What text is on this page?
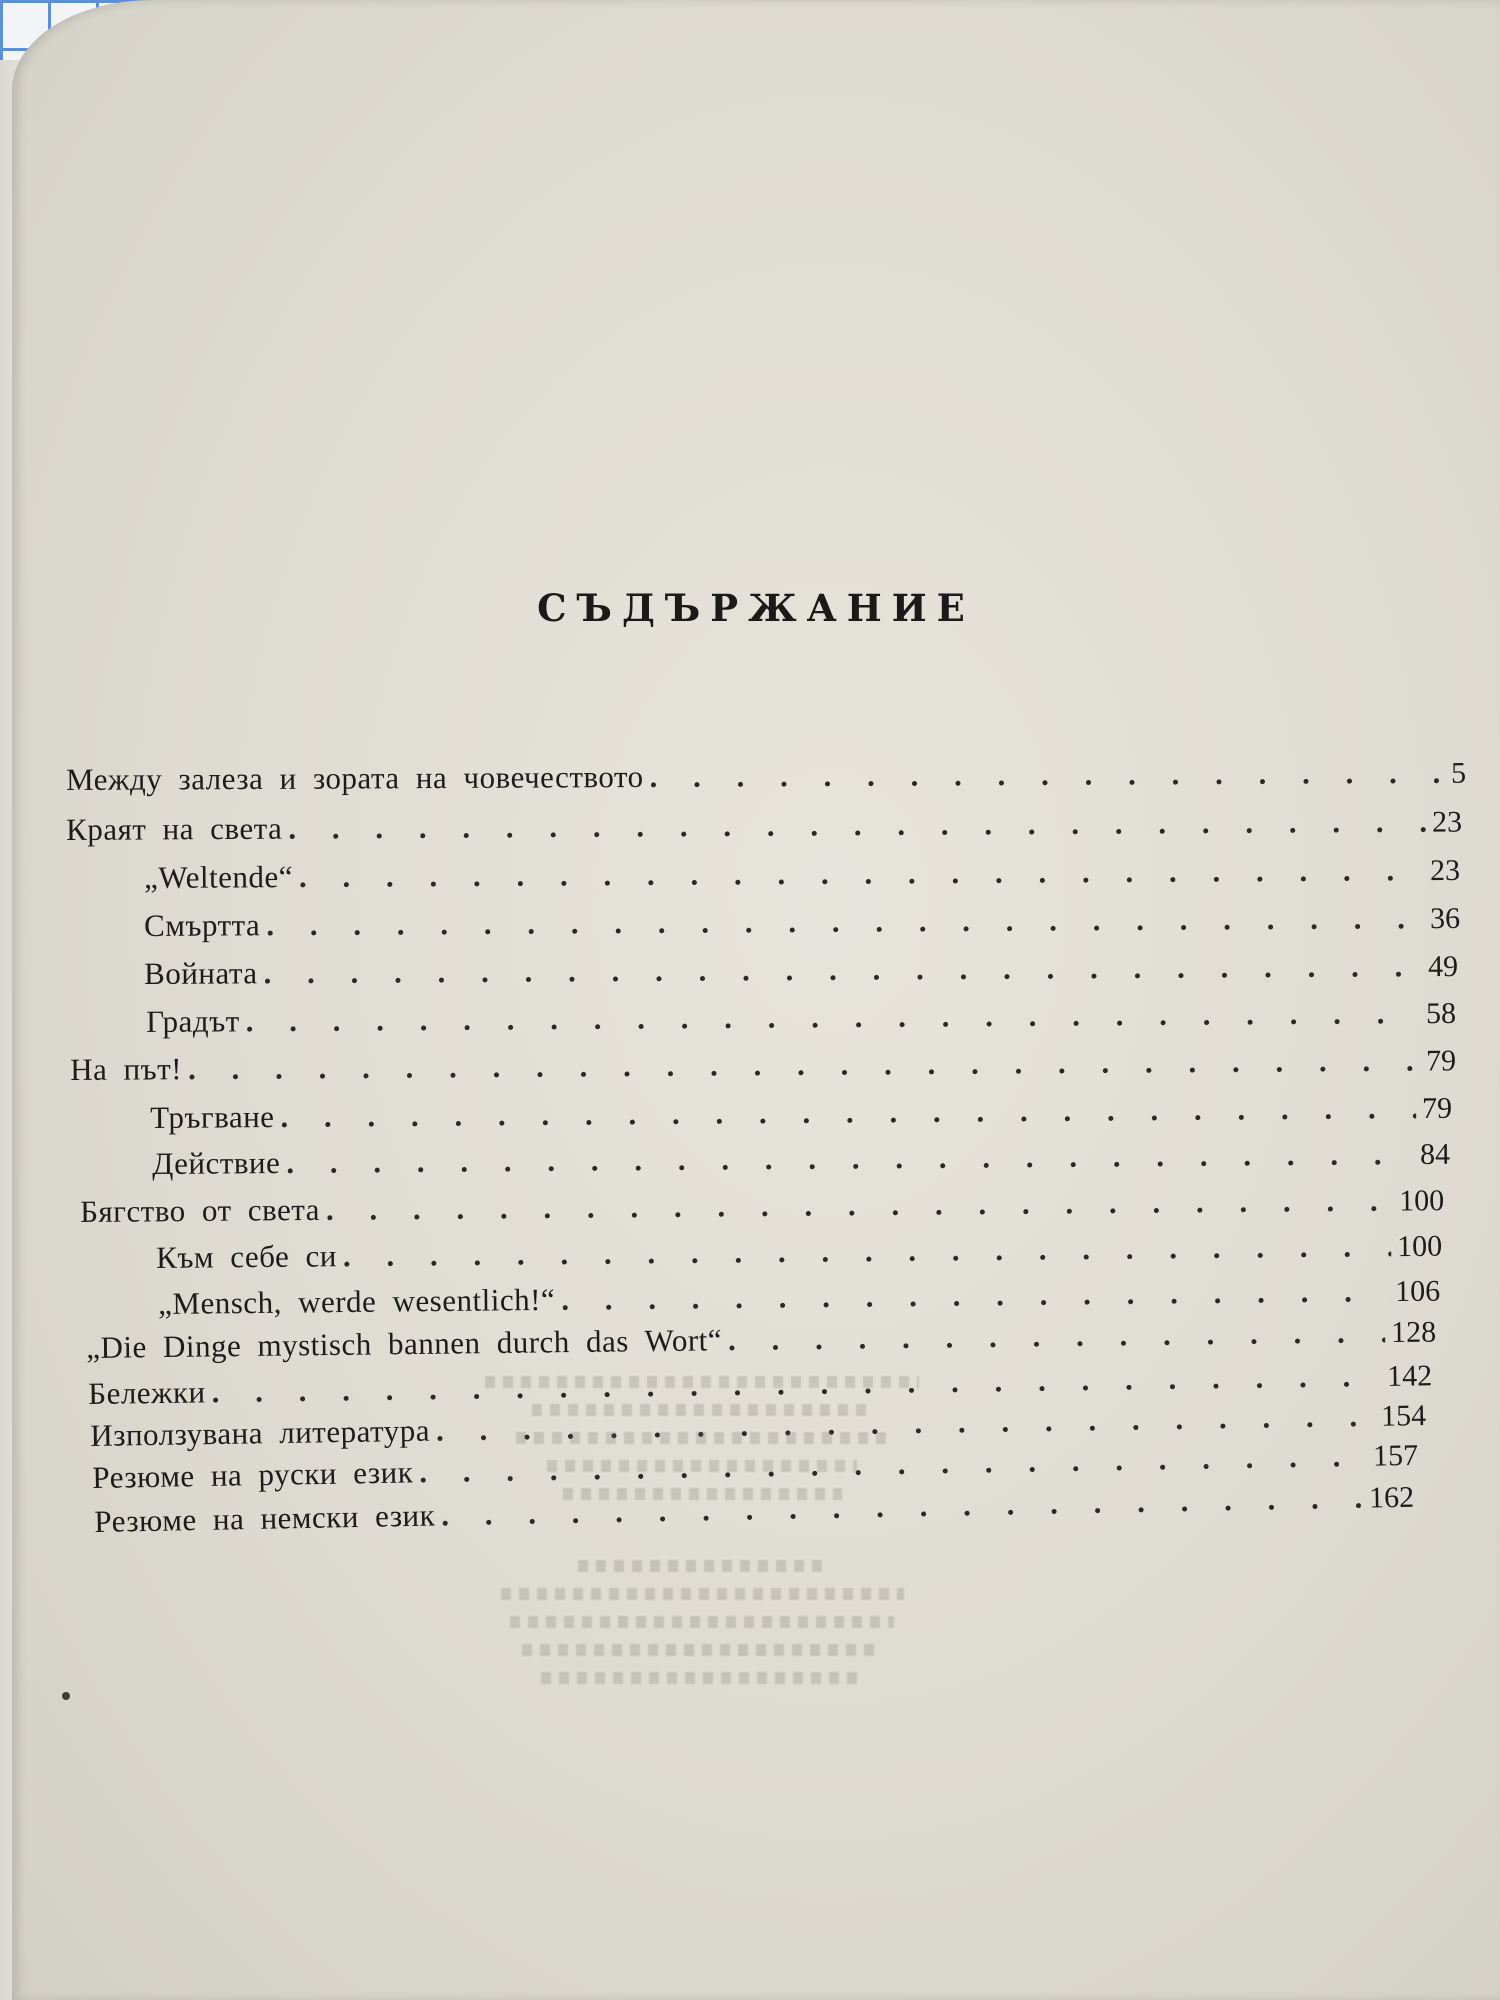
СЪДЪРЖАНИЕ
Между залеза и зората на човечеството . . .	5
Краят на света . . .	23
„Weltende“ . . .	23
Смъртта . . .	36
Войната . . .	49
Градът . . .	58
На път! . . .	79
Тръгване . . .	79
Действие . . .	84
Бягство от света . . .	100
Към себе си . . .	100
„Mensch, werde wesentlich!“ . . .	106
„Die Dinge mystisch bannen durch das Wort“ . . .	128
Бележки . . .	142
Използувана литература . . .	154
Резюме на руски език . . .	157
Резюме на немски език . . .	162
